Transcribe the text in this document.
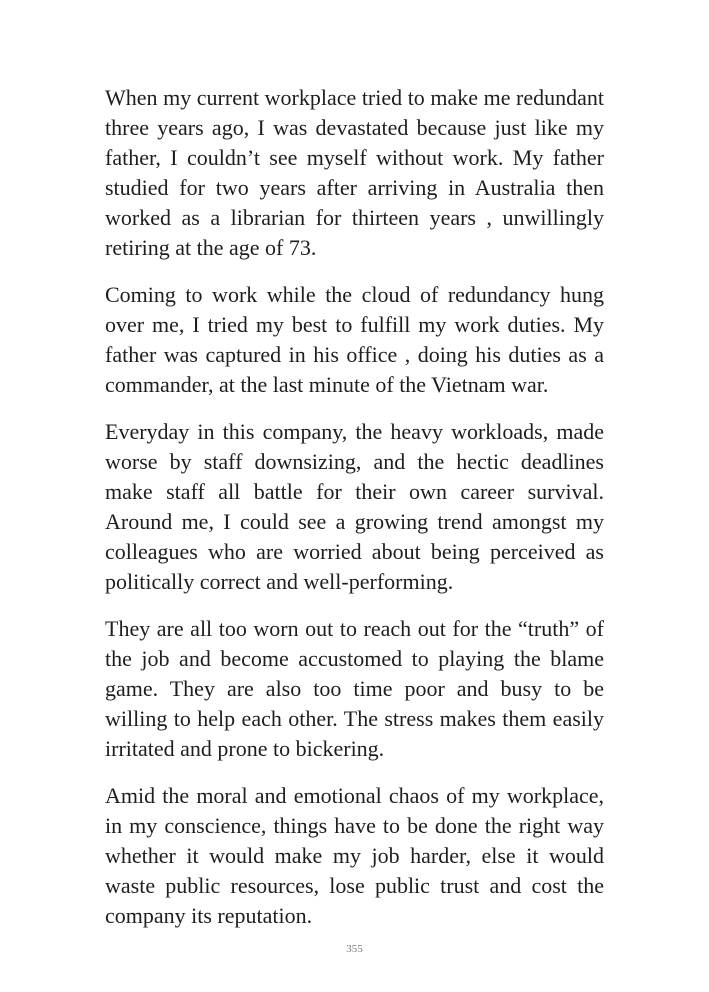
When my current workplace tried to make me redundant three years ago, I was devastated because just like my father, I couldn’t see myself without work. My father studied for two years after arriving in Australia then worked as a librarian for thirteen years , unwillingly retiring at the age of 73.

Coming to work while the cloud of redundancy hung over me, I tried my best to fulfill my work duties. My father was captured in his office , doing his duties as a commander, at the last minute of the Vietnam war.

Everyday in this company, the heavy workloads, made worse by staff downsizing, and the hectic deadlines make staff all battle for their own career survival. Around me, I could see a growing trend amongst my colleagues who are worried about being perceived as politically correct and well-performing.

They are all too worn out to reach out for the “truth” of the job and become accustomed to playing the blame game. They are also too time poor and busy to be willing to help each other. The stress makes them easily irritated and prone to bickering.

Amid the moral and emotional chaos of my workplace, in my conscience, things have to be done the right way whether it would make my job harder, else it would waste public resources, lose public trust and cost the company its reputation.

355
